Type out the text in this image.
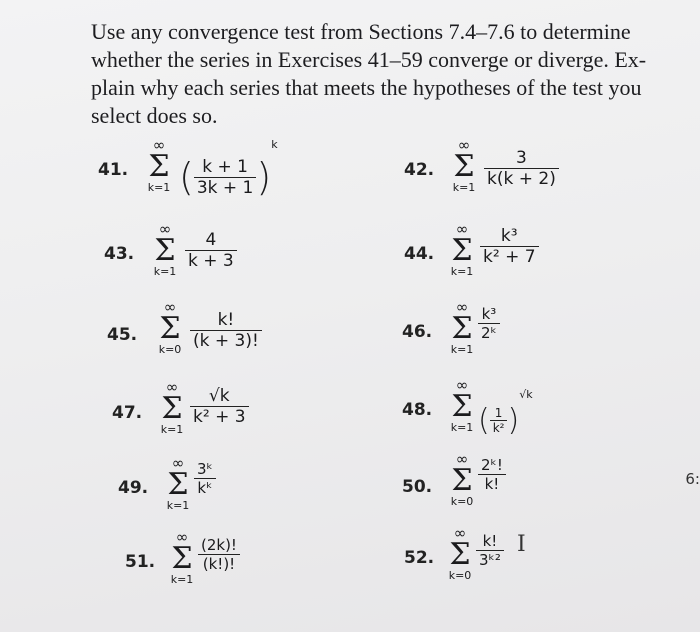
Use any convergence test from Sections 7.4–7.6 to determine whether the series in Exercises 41–59 converge or diverge. Ex- plain why each series that meets the hypotheses of the test you select does so.
41.
∞
Σ
k=1 ( $\frac{k + 1}{3k + 1} )^k$
42.
∞
Σ
$k=1 \frac{3}{k(k + 2)}$
43.
∞
Σ
k=1
$\frac{4}{k + 3}$	44.
∞
Σ
k=1
$\frac{\text{k³}}{\text{k² + 7}}$
45.
∞
Σ
$k=0 \frac{k!}{(k + 3)!}$	46.
∞
Σ
k=1
$\frac{\text{k³}}{\text{2ᵏ}}$
47.
∞
Σ
k=1
$\frac{√k}{\text{k² + 3}}$	48.
∞
Σ
k=1 ( $\frac{1}{\text{k²}} )^{√k}$
49.
∞
Σ
k=1
$\frac{\text{3ᵏ}}{\text{kᵏ}}$	50.
∞
Σ
k=0
$\frac{\text{2ᵏ!}}{k!}$
51.
∞
Σ
k=1
$\frac{(2k)!}{(k!)!}$	52.
∞
Σ
k=0
$\frac{k!}{\text{3ᵏ²}}$ I
6:
